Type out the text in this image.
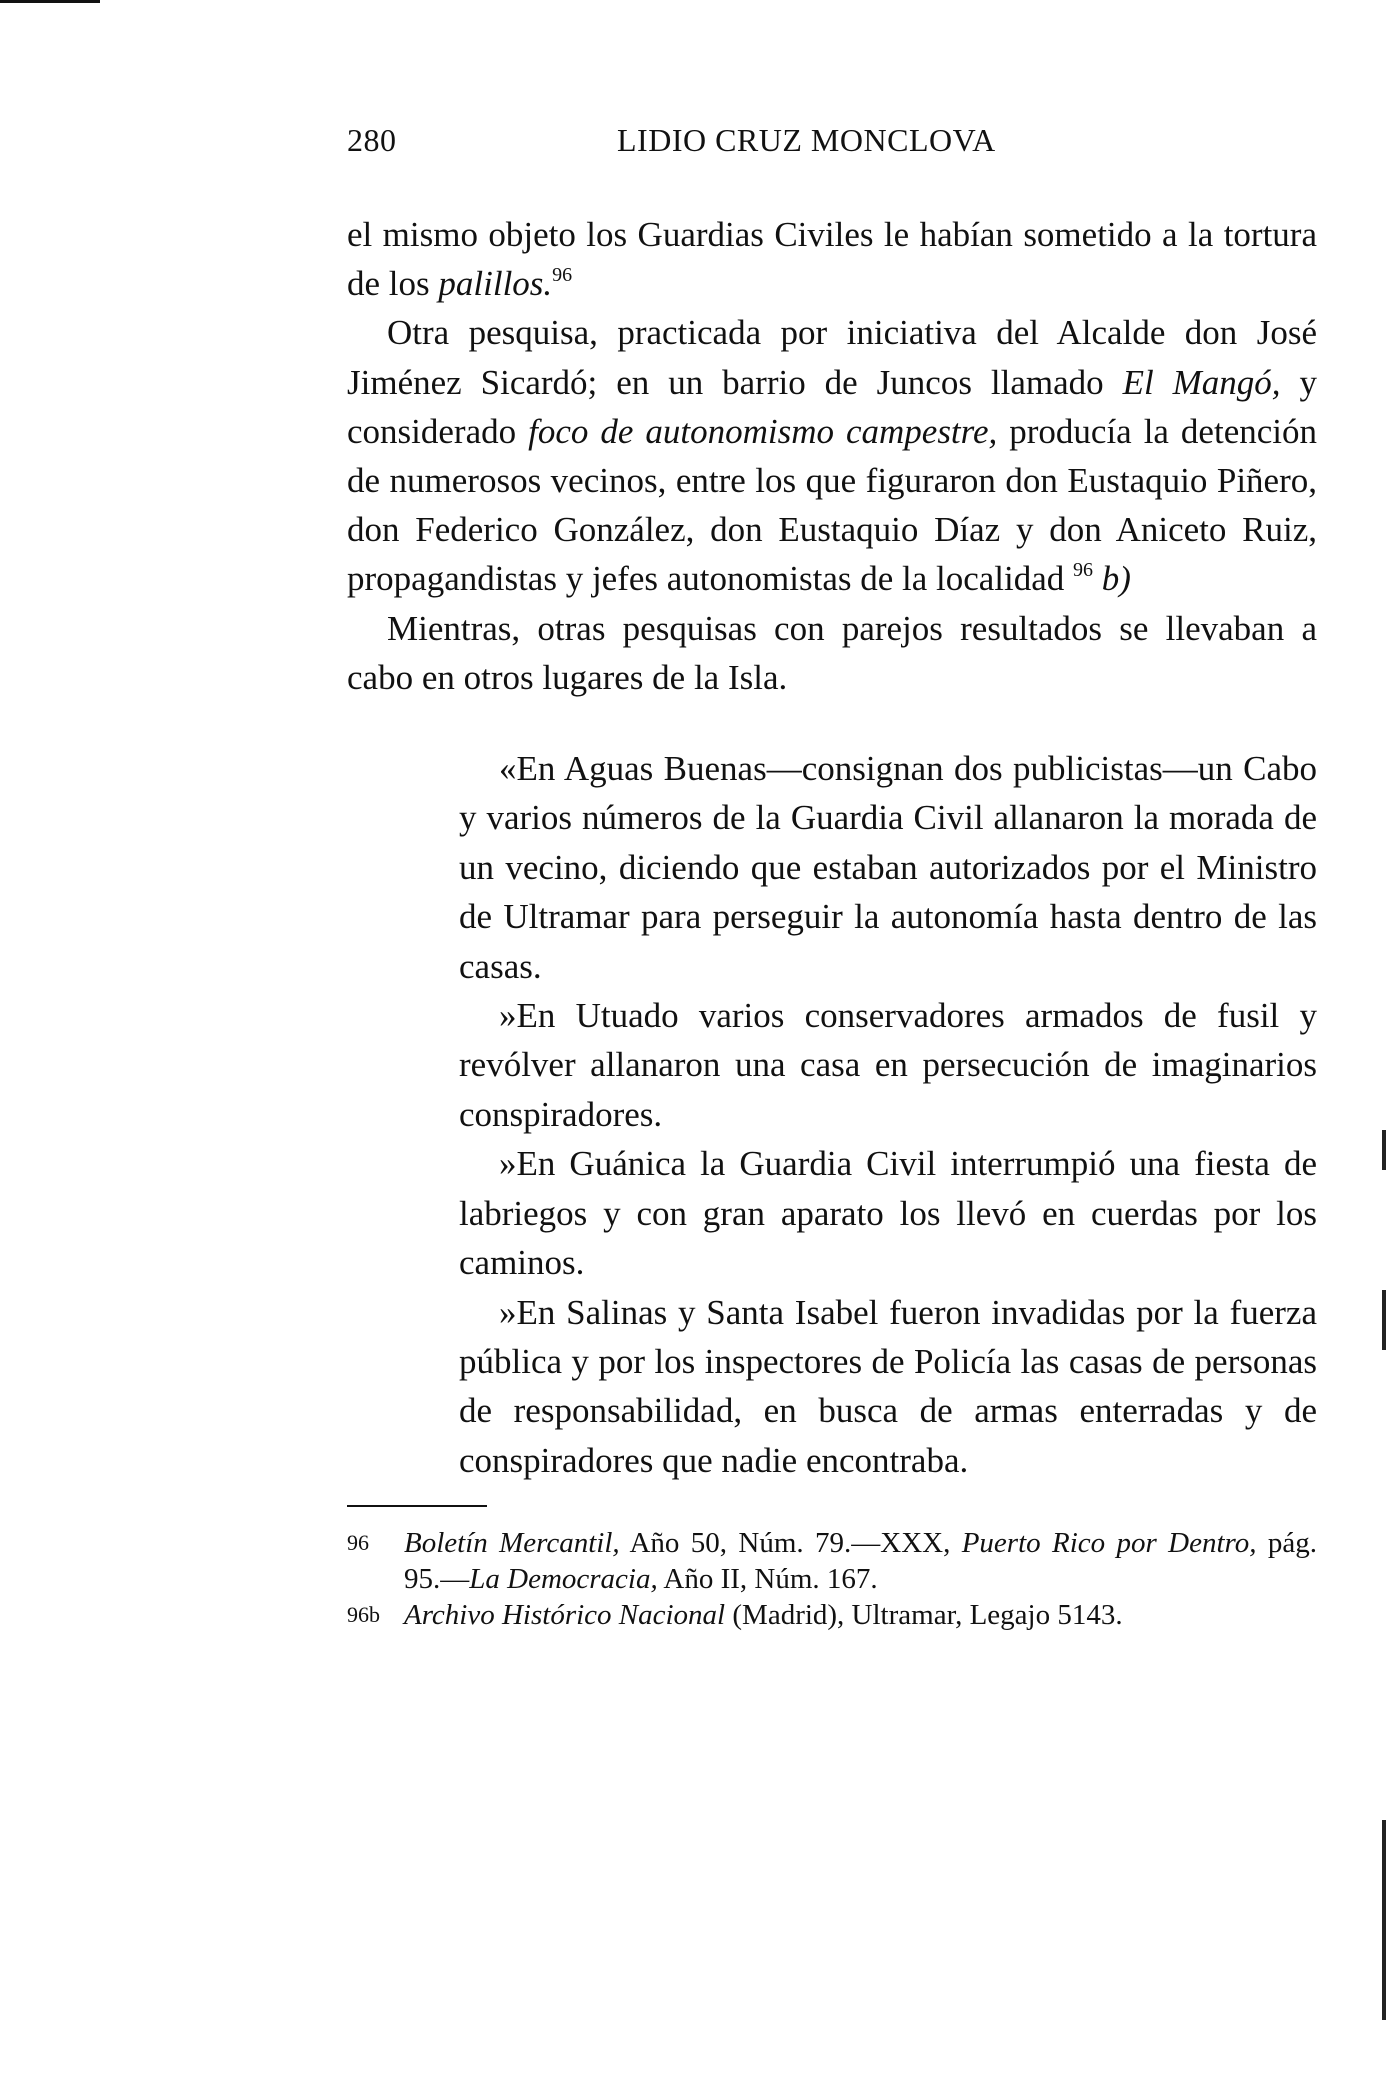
280	LIDIO CRUZ MONCLOVA

el mismo objeto los Guardias Civiles le habían sometido a la tortura de los palillos.$^{96}$

Otra pesquisa, practicada por iniciativa del Alcalde don José Jiménez Sicardó; en un barrio de Juncos llamado El Mangó, y considerado foco de autonomismo campestre, producía la detención de numerosos vecinos, entre los que figuraron don Eustaquio Piñero, don Federico González, don Eustaquio Díaz y don Aniceto Ruiz, propagandistas y jefes autonomistas de la localidad $^{96}$ b)

Mientras, otras pesquisas con parejos resultados se llevaban a cabo en otros lugares de la Isla.

«En Aguas Buenas—consignan dos publicistas—un Cabo y varios números de la Guardia Civil allanaron la morada de un vecino, diciendo que estaban autorizados por el Ministro de Ultramar para perseguir la autonomía hasta dentro de las casas.

»En Utuado varios conservadores armados de fusil y revólver allanaron una casa en persecución de imaginarios conspiradores.

»En Guánica la Guardia Civil interrumpió una fiesta de labriegos y con gran aparato los llevó en cuerdas por los caminos.

»En Salinas y Santa Isabel fueron invadidas por la fuerza pública y por los inspectores de Policía las casas de personas de responsabilidad, en busca de armas enterradas y de conspiradores que nadie encontraba.

96 Boletín Mercantil, Año 50, Núm. 79.—XXX, Puerto Rico por Dentro, pág. 95.—La Democracia, Año II, Núm. 167.
96b Archivo Histórico Nacional (Madrid), Ultramar, Legajo 5143.
